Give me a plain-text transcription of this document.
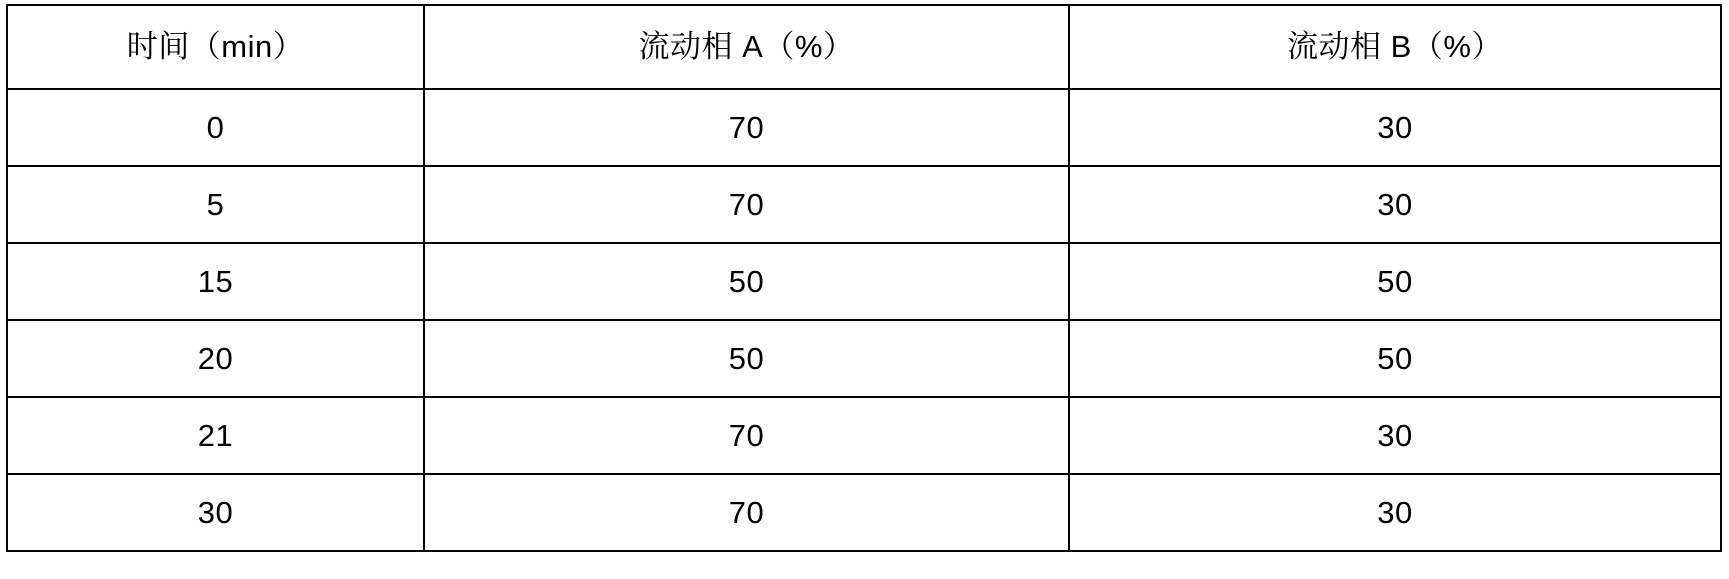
时间（min）	流动相 A（%）	流动相 B（%）
0	70	30
5	70	30
15	50	50
20	50	50
21	70	30
30	70	30
